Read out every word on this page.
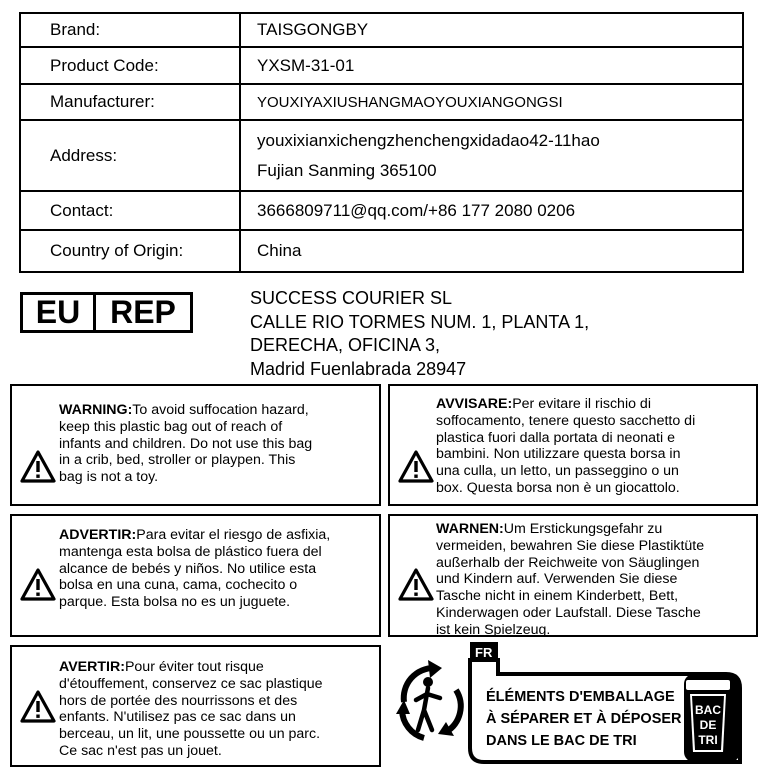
Brand:	TAISGONGBY
Product Code:	YXSM-31-01
Manufacturer:	YOUXIYAXIUSHANGMAOYOUXIANGONGSI
Address:	youxixianxichengzhenchengxidadao42-11hao
Fujian Sanming 365100

Contact:	3666809711@qq.com/+86 177 2080 0206
Country of Origin:	China
EU REP	SUCCESS COURIER SL
CALLE RIO TORMES NUM. 1, PLANTA 1,
DERECHA, OFICINA 3,
Madrid Fuenlabrada 28947
WARNING:To avoid suffocation hazard,
keep this plastic bag out of reach of
infants and children. Do not use this bag
in a crib, bed, stroller or playpen. This
bag is not a toy.
AVVISARE:Per evitare il rischio di
soffocamento, tenere questo sacchetto di
plastica fuori dalla portata di neonati e
bambini. Non utilizzare questa borsa in
una culla, un letto, un passeggino o un
box. Questa borsa non è un giocattolo.
ADVERTIR:Para evitar el riesgo de asfixia,
mantenga esta bolsa de plástico fuera del
alcance de bebés y niños. No utilice esta
bolsa en una cuna, cama, cochecito o
parque. Esta bolsa no es un juguete.
WARNEN:Um Erstickungsgefahr zu
vermeiden, bewahren Sie diese Plastiktüte
außerhalb der Reichweite von Säuglingen
und Kindern auf. Verwenden Sie diese
Tasche nicht in einem Kinderbett, Bett,
Kinderwagen oder Laufstall. Diese Tasche
ist kein Spielzeug.
AVERTIR:Pour éviter tout risque
d'étouffement, conservez ce sac plastique
hors de portée des nourrissons et des
enfants. N'utilisez pas ce sac dans un
berceau, un lit, une poussette ou un parc.
Ce sac n'est pas un jouet.
FR
ÉLÉMENTS D'EMBALLAGE
À SÉPARER ET À DÉPOSER
DANS LE BAC DE TRI
BAC
DE
TRI
